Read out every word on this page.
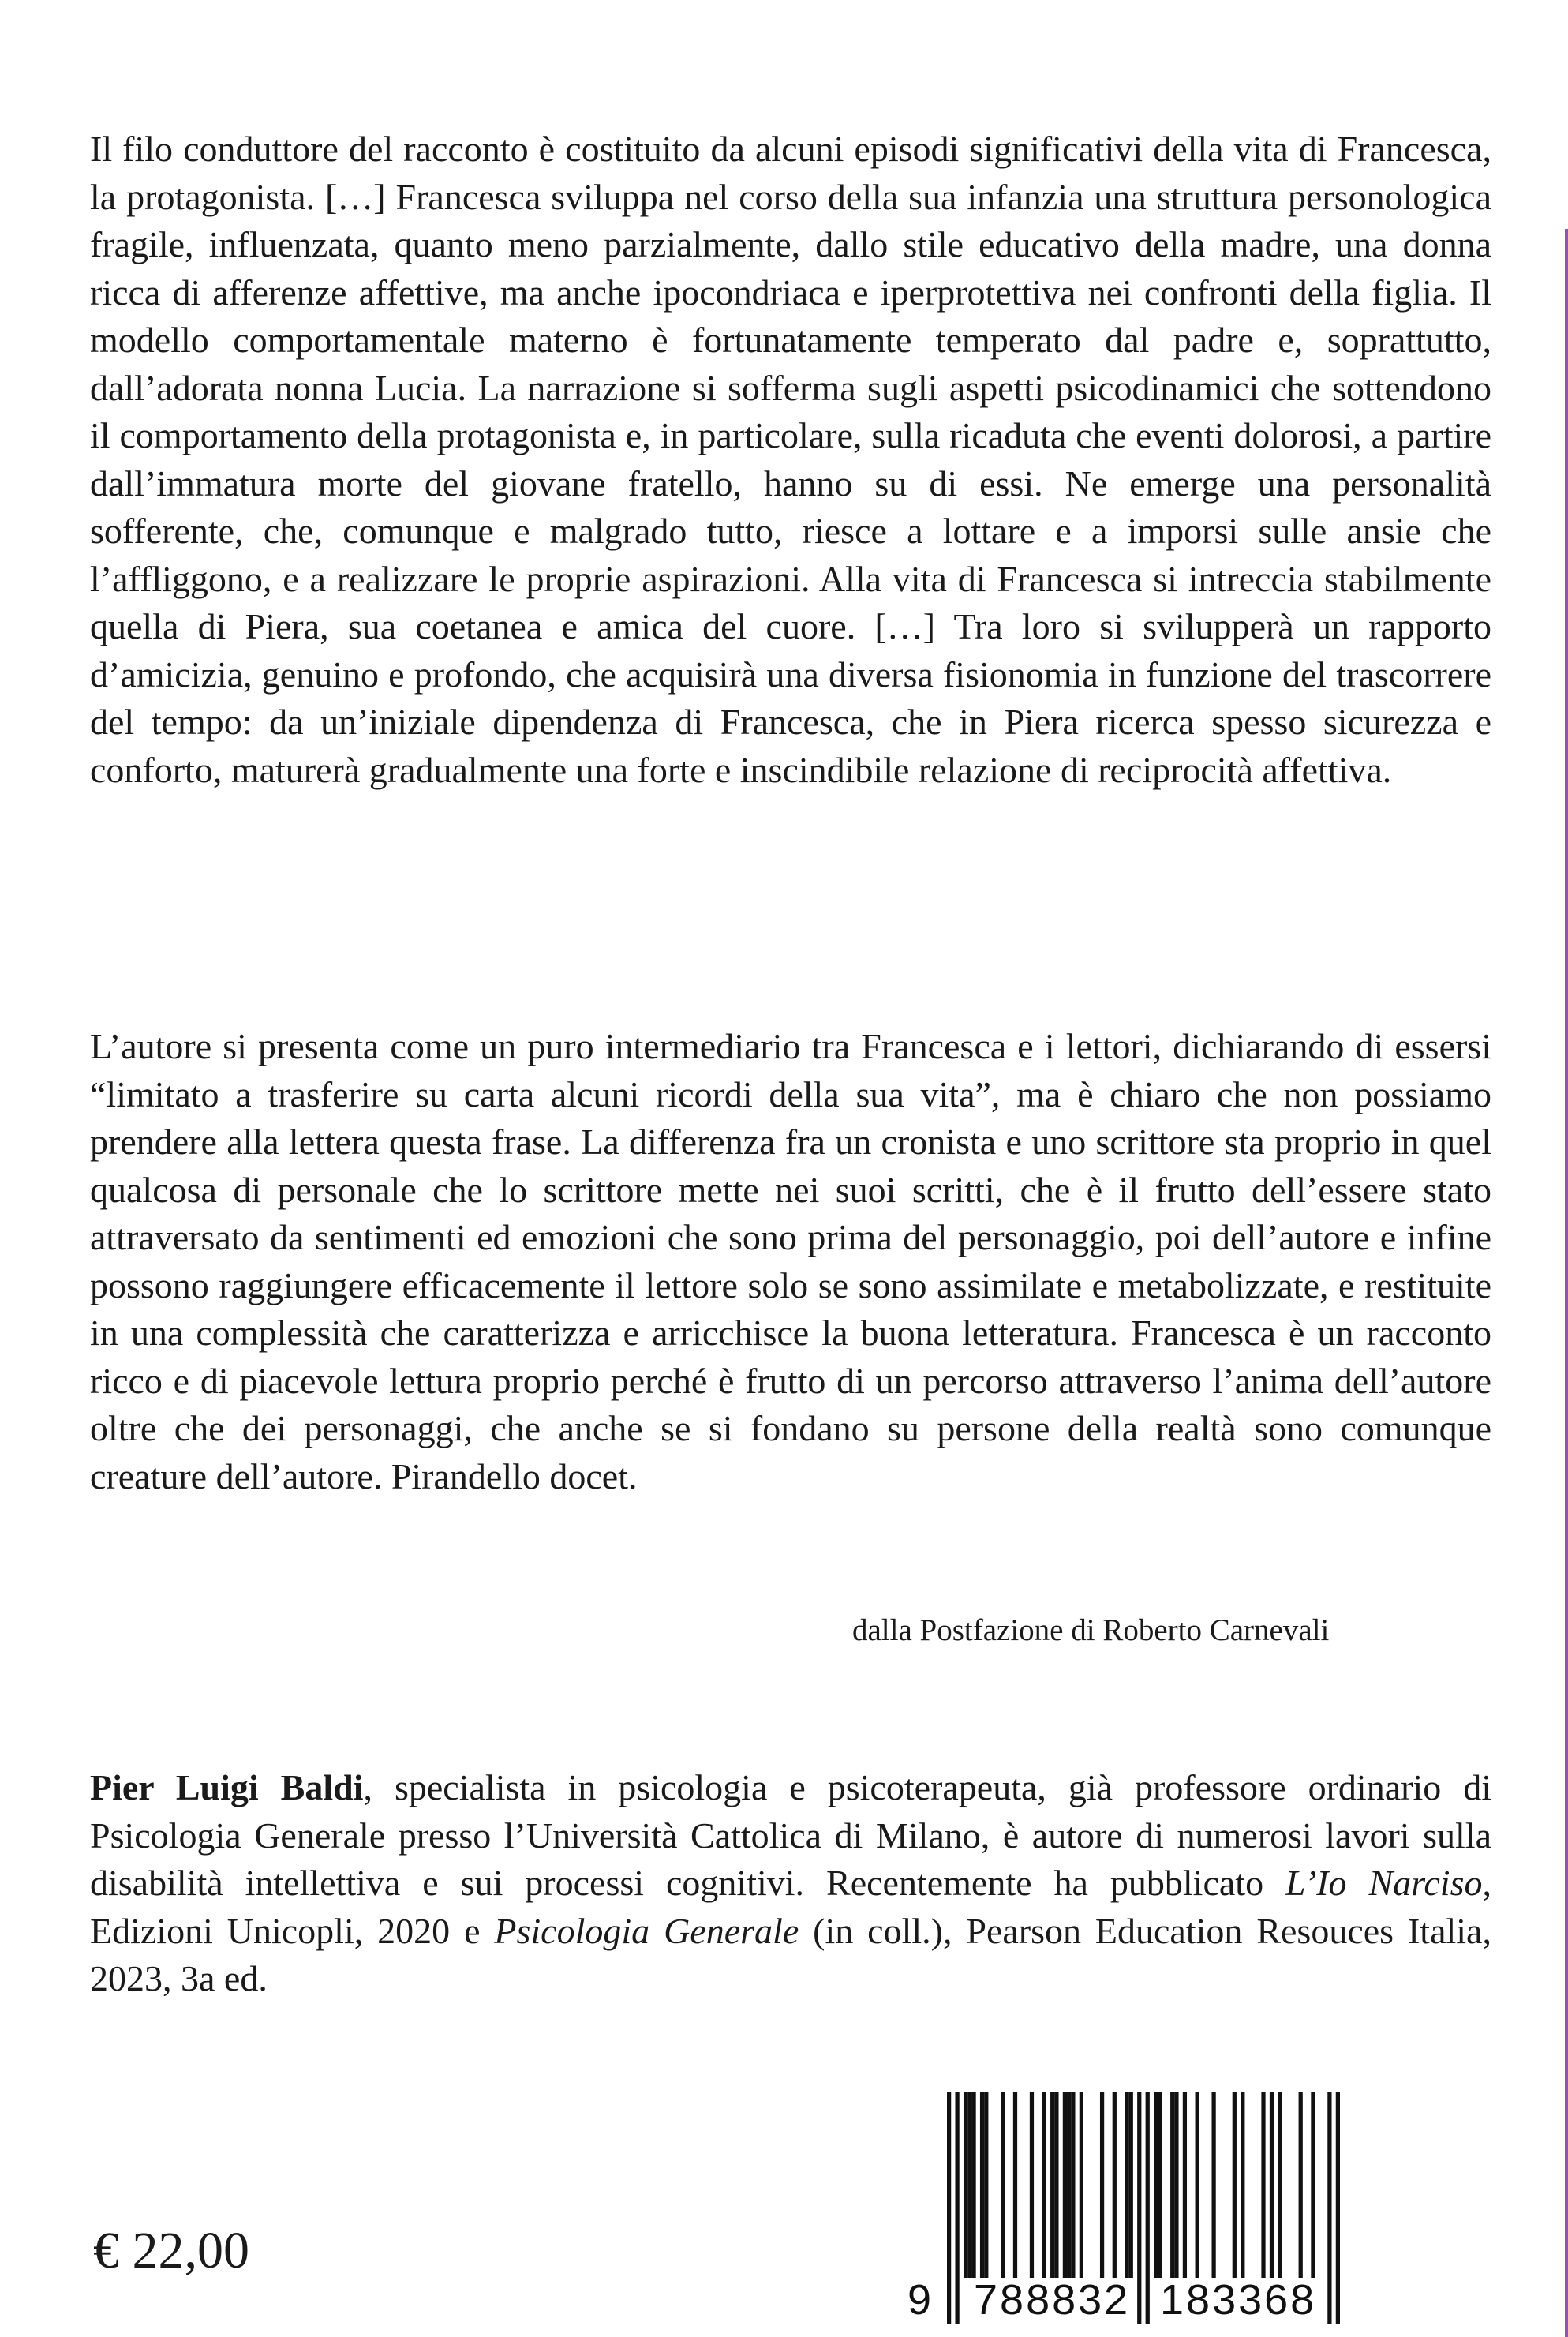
Il filo conduttore del racconto è costituito da alcuni episodi significativi della vita di Francesca, la protagonista. […] Francesca sviluppa nel corso della sua infanzia una struttura personologica fragile, influenzata, quanto meno parzialmente, dallo stile educativo della madre, una donna ricca di afferenze affettive, ma anche ipocondriaca e iperprotettiva nei confronti della figlia. Il modello comportamentale materno è fortunatamente temperato dal padre e, soprattutto, dall’adorata nonna Lucia. La narrazione si sofferma sugli aspetti psicodinamici che sottendono il comportamento della protagonista e, in particolare, sulla ricaduta che eventi dolorosi, a partire dall’immatura morte del giovane fratello, hanno su di essi. Ne emerge una personalità sofferente, che, comunque e malgrado tutto, riesce a lottare e a imporsi sulle ansie che l’affliggono, e a realizzare le proprie aspirazioni. Alla vita di Francesca si intreccia stabilmente quella di Piera, sua coetanea e amica del cuore. […] Tra loro si svilupperà un rapporto d’amicizia, genuino e profondo, che acquisirà una diversa fisionomia in funzione del trascorrere del tempo: da un’iniziale dipendenza di Francesca, che in Piera ricerca spesso sicurezza e conforto, maturerà gradualmente una forte e inscindibile relazione di reciprocità affettiva.

L’autore si presenta come un puro intermediario tra Francesca e i lettori, dichiarando di essersi “limitato a trasferire su carta alcuni ricordi della sua vita”, ma è chiaro che non possiamo prendere alla lettera questa frase. La differenza fra un cronista e uno scrittore sta proprio in quel qualcosa di personale che lo scrittore mette nei suoi scritti, che è il frutto dell’essere stato attraversato da sentimenti ed emozioni che sono prima del personaggio, poi dell’autore e infine possono raggiungere efficacemente il lettore solo se sono assimilate e metabolizzate, e restituite in una complessità che caratterizza e arricchisce la buona letteratura. Francesca è un racconto ricco e di piacevole lettura proprio perché è frutto di un percorso attraverso l’anima dell’autore oltre che dei personaggi, che anche se si fondano su persone della realtà sono comunque creature dell’autore. Pirandello docet.

dalla Postfazione di Roberto Carnevali

Pier Luigi Baldi, specialista in psicologia e psicoterapeuta, già professore ordinario di Psicologia Generale presso l’Università Cattolica di Milano, è autore di numerosi lavori sulla disabilità intellettiva e sui processi cognitivi. Recentemente ha pubblicato L’Io Narciso, Edizioni Unicopli, 2020 e Psicologia Generale (in coll.), Pearson Education Resouces Italia, 2023, 3a ed.

€ 22,00
9 788832 183368
